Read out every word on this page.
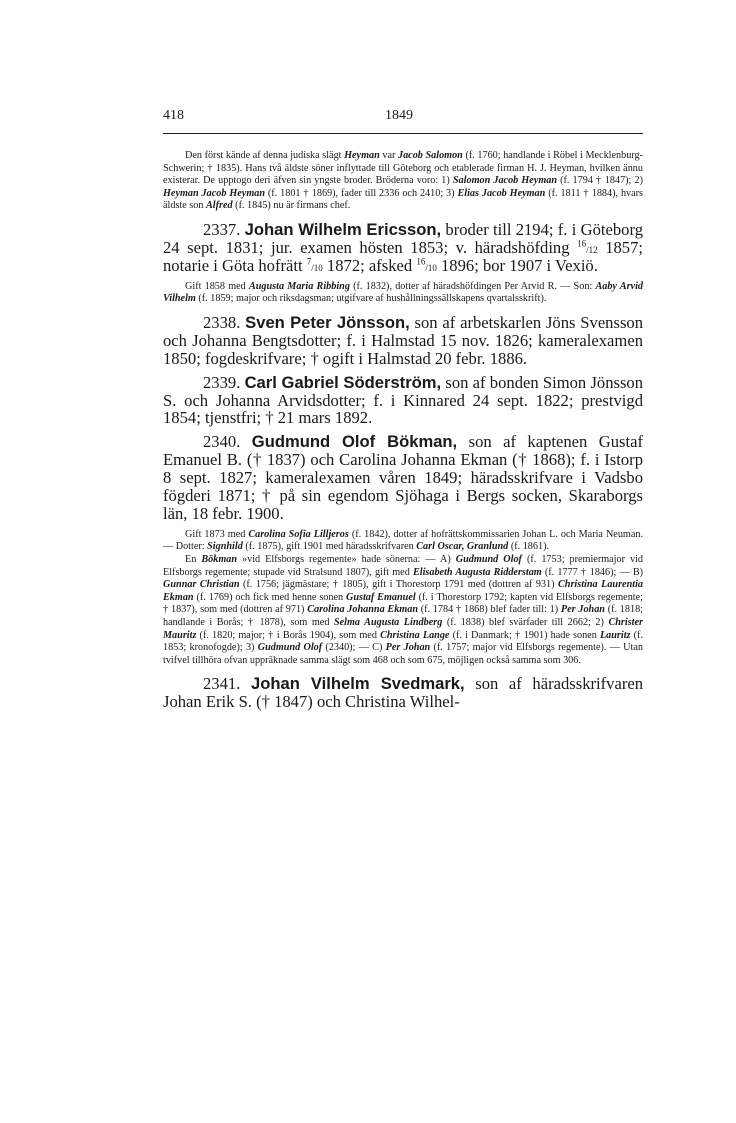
418	1849

Den först kände af denna judiska slägt Heyman var Jacob Salomon (f. 1760; handlande i Röbel i Mecklenburg-Schwerin; † 1835). Hans två äldste söner inflyttade till Göteborg och etablerade firman H. J. Heyman, hvilken ännu existerar. De upptogo deri äfven sin yngste broder. Bröderna voro: 1) Salomon Jacob Heyman (f. 1794 † 1847); 2) Heyman Jacob Heyman (f. 1801 † 1869), fader till 2336 och 2410; 3) Elias Jacob Heyman (f. 1811 † 1884), hvars äldste son Alfred (f. 1845) nu är firmans chef.

2337. Johan Wilhelm Ericsson, broder till 2194; f. i Göteborg 24 sept. 1831; jur. examen hösten 1853; v. häradshöfding $^{16}$/12 1857; notarie i Göta hofrätt $^7$/10 1872; afsked $^{16}$/10 1896; bor 1907 i Vexiö.

Gift 1858 med Augusta Maria Ribbing (f. 1832), dotter af häradshöfdingen Per Arvid R. — Son: Aaby Arvid Vilhelm (f. 1859; major och riksdagsman; utgifvare af hushållningssällskapens qvartalsskrift).

2338. Sven Peter Jönsson, son af arbetskarlen Jöns Svensson och Johanna Bengtsdotter; f. i Halmstad 15 nov. 1826; kameralexamen 1850; fogdeskrifvare; † ogift i Halmstad 20 febr. 1886.

2339. Carl Gabriel Söderström, son af bonden Simon Jönsson S. och Johanna Arvidsdotter; f. i Kinnared 24 sept. 1822; prestvigd 1854; tjenstfri; † 21 mars 1892.

2340. Gudmund Olof Bökman, son af kaptenen Gustaf Emanuel B. († 1837) och Carolina Johanna Ekman († 1868); f. i Istorp 8 sept. 1827; kameralexamen våren 1849; häradsskrifvare i Vadsbo fögderi 1871; † på sin egendom Sjöhaga i Bergs socken, Skaraborgs län, 18 febr. 1900.

Gift 1873 med Carolina Sofia Lilljeros (f. 1842), dotter af hofrättskommissarien Johan L. och Maria Neuman. — Dotter: Signhild (f. 1875), gift 1901 med häradsskrifvaren Carl Oscar, Granlund (f. 1861).

En Bökman »vid Elfsborgs regemente» hade sönerna: — A) Gudmund Olof (f. 1753; premiermajor vid Elfsborgs regemente; stupade vid Stralsund 1807), gift med Elisabeth Augusta Ridderstam (f. 1777 † 1846); — B) Gunnar Christian (f. 1756; jägmästare; † 1805), gift i Thorestorp 1791 med (dottren af 931) Christina Laurentia Ekman (f. 1769) och fick med henne sonen Gustaf Emanuel (f. i Thorestorp 1792; kapten vid Elfsborgs regemente; † 1837), som med (dottren af 971) Carolina Johanna Ekman (f. 1784 † 1868) blef fader till: 1) Per Johan (f. 1818; handlande i Borås; † 1878), som med Selma Augusta Lindberg (f. 1838) blef svärfader till 2662; 2) Christer Mauritz (f. 1820; major; † i Borås 1904), som med Christina Lange (f. i Danmark; † 1901) hade sonen Lauritz (f. 1853; kronofogde); 3) Gudmund Olof (2340); — C) Per Johan (f. 1757; major vid Elfsborgs regemente). — Utan tvifvel tillhöra ofvan uppräknade samma slägt som 468 och som 675, möjligen också samma som 306.

2341. Johan Vilhelm Svedmark, son af häradsskrifvaren Johan Erik S. († 1847) och Christina Wilhel-
